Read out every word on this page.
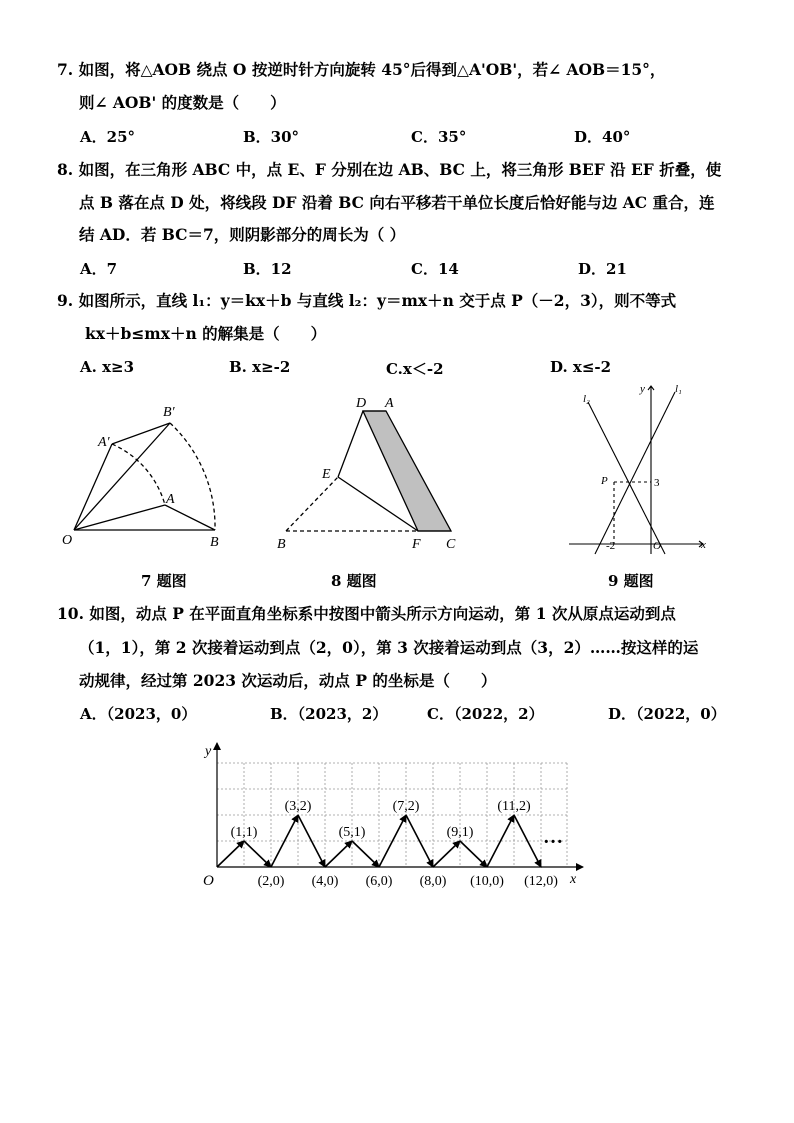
7. 如图，将△AOB 绕点 O 按逆时针方向旋转 45°后得到△A'OB'，若∠ AOB＝15°，
则∠ AOB' 的度数是（　　）
A．25°	B．30°	C．35°	D．40°
8. 如图，在三角形 ABC 中，点 E、F 分别在边 AB、BC 上，将三角形 BEF 沿 EF 折叠，使
点 B 落在点 D 处，将线段 DF 沿着 BC 向右平移若干单位长度后恰好能与边 AC 重合，连
结 AD．若 BC＝7，则阴影部分的周长为（ ）
A．7	B．12	C．14	D．21
9. 如图所示，直线 l₁：y＝kx＋b 与直线 l₂：y＝mx＋n 交于点 P（－2，3），则不等式
kx＋b≤mx＋n 的解集是（　　）
A. x≥3	B. x≥-2	C.x＜-2	D. x≤-2
O	B
A
A′
B′
7 题图
D A
E
B	F C
8 题图
l₂
l₁
y
x
P	3
-2	O
9 题图
10. 如图，动点 P 在平面直角坐标系中按图中箭头所示方向运动，第 1 次从原点运动到点
（1，1），第 2 次接着运动到点（2，0），第 3 次接着运动到点（3，2）……按这样的运
动规律，经过第 2023 次运动后，动点 P 的坐标是（　　）
A．（2023，0）	B．（2023，2）	C．（2022，2）	D．（2022，0）
y
x
O
…
(1,1)
(3,2)
(5,1)
(7,2)
(9,1)
(11,2)
(2,0) (4,0) (6,0) (8,0) (10,0) (12,0)
